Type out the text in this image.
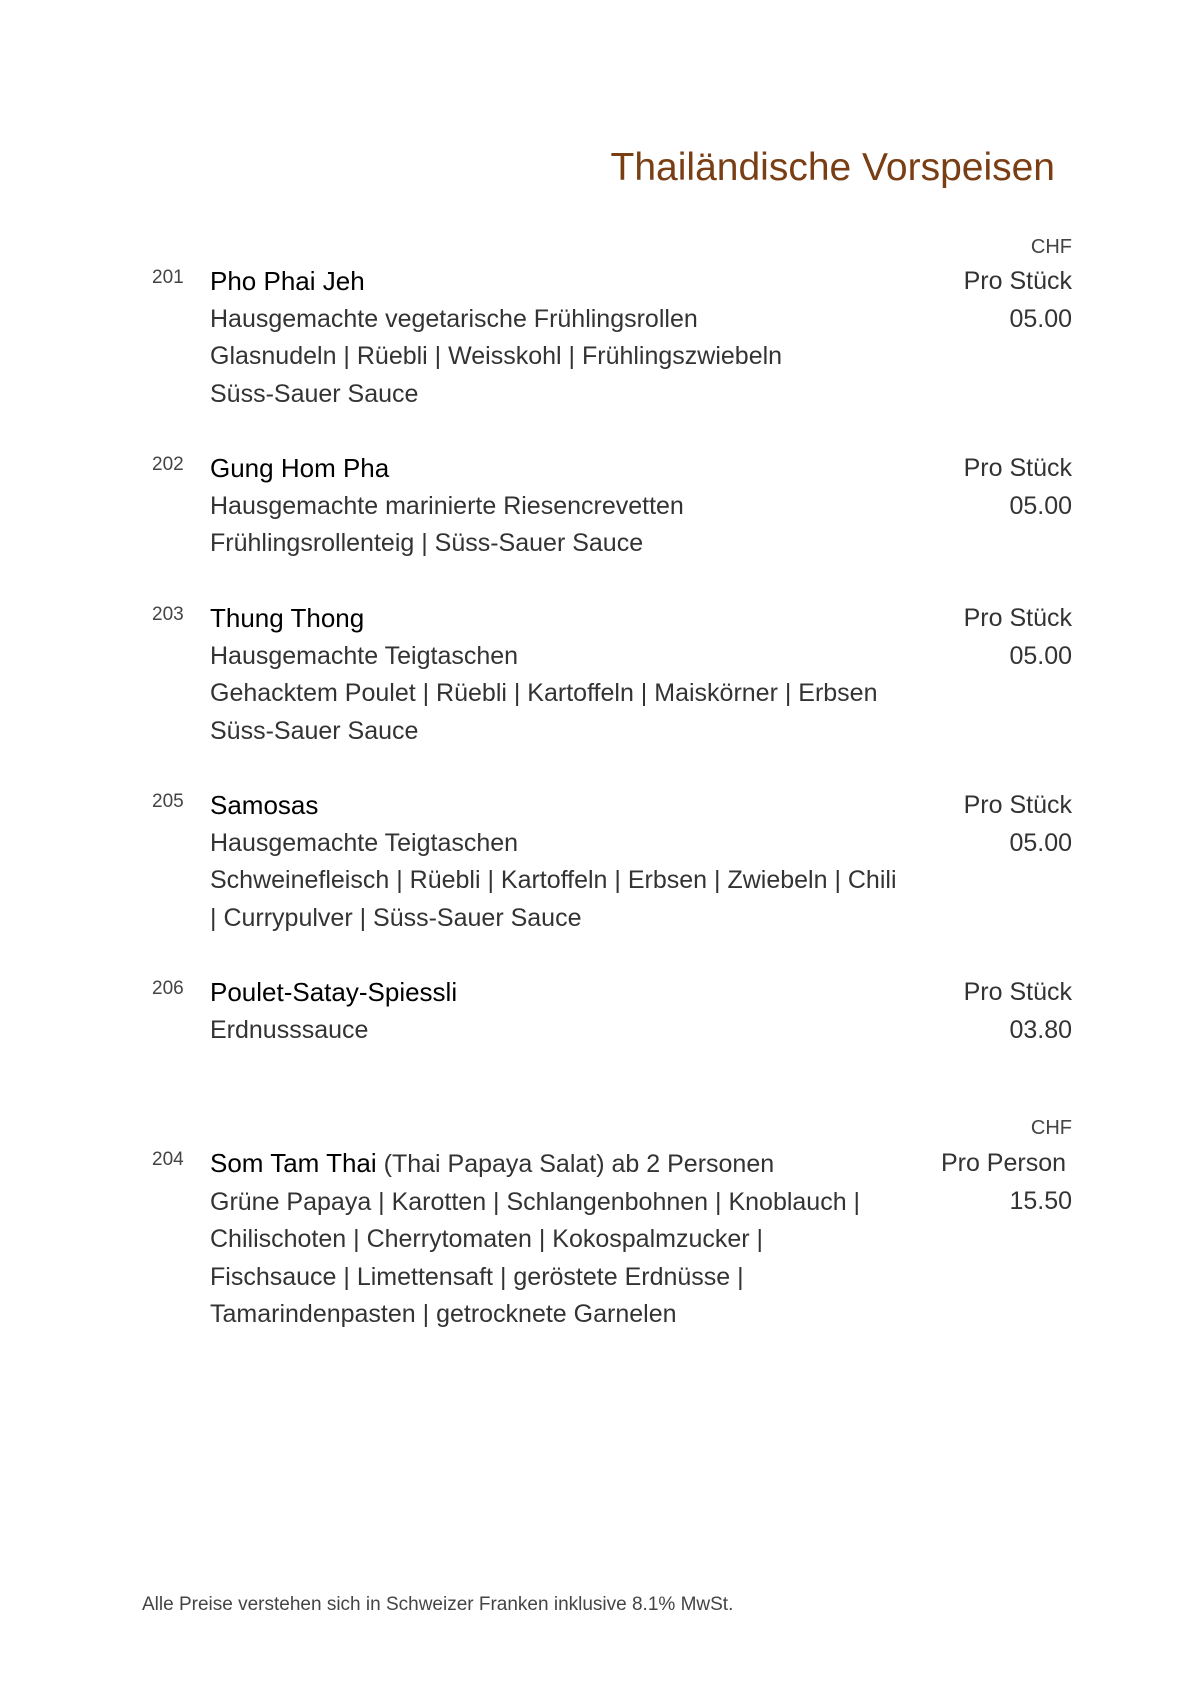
Thailändische Vorspeisen
CHF
201 Pho Phai Jeh
Hausgemachte vegetarische Frühlingsrollen
Glasnudeln | Rüebli | Weisskohl | Frühlingszwiebeln
Süss-Sauer Sauce
Pro Stück
05.00
202 Gung Hom Pha
Hausgemachte marinierte Riesencrevetten
Frühlingsrollenteig | Süss-Sauer Sauce
Pro Stück
05.00
203 Thung Thong
Hausgemachte Teigtaschen
Gehacktem Poulet | Rüebli | Kartoffeln | Maiskörner | Erbsen
Süss-Sauer Sauce
Pro Stück
05.00
205 Samosas
Hausgemachte Teigtaschen
Schweinefleisch | Rüebli | Kartoffeln | Erbsen | Zwiebeln | Chili
| Currypulver | Süss-Sauer Sauce
Pro Stück
05.00
206 Poulet-Satay-Spiessli
Erdnusssauce
Pro Stück
03.80
CHF
204 Som Tam Thai (Thai Papaya Salat) ab 2 Personen
Grüne Papaya | Karotten | Schlangenbohnen | Knoblauch |
Chilischoten | Cherrytomaten | Kokospalmzucker |
Fischsauce | Limettensaft | geröstete Erdnüsse |
Tamarindenpasten | getrocknete Garnelen
Pro Person
15.50
Alle Preise verstehen sich in Schweizer Franken inklusive 8.1% MwSt.
